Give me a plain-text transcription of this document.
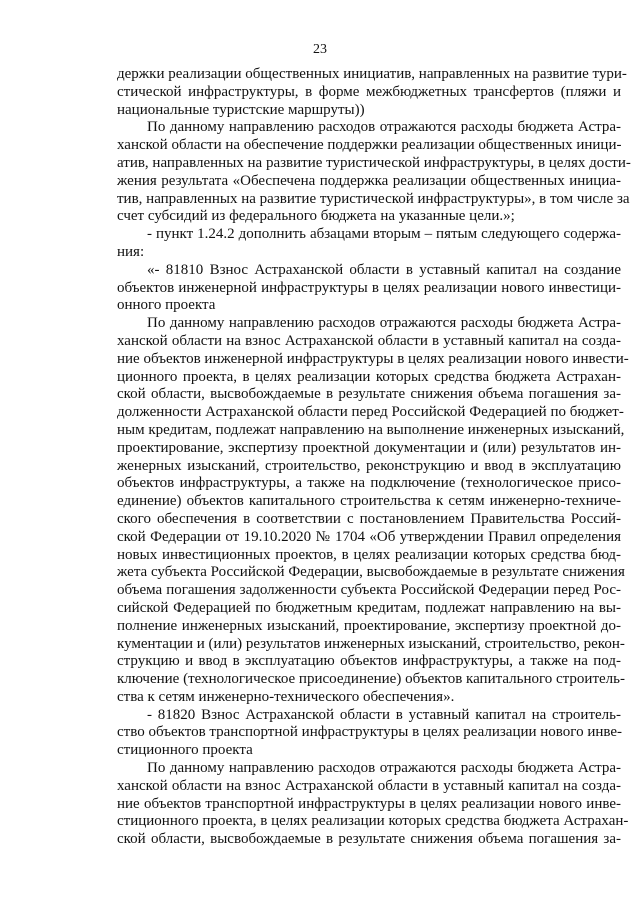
23
держки реализации общественных инициатив, направленных на развитие тури-
стической инфраструктуры, в форме межбюджетных трансфертов (пляжи и
национальные туристские маршруты))
По данному направлению расходов отражаются расходы бюджета Астра-
ханской области на обеспечение поддержки реализации общественных иници-
атив, направленных на развитие туристической инфраструктуры, в целях дости-
жения результата «Обеспечена поддержка реализации общественных инициа-
тив, направленных на развитие туристической инфраструктуры», в том числе за
счет субсидий из федерального бюджета на указанные цели.»;
- пункт 1.24.2 дополнить абзацами вторым – пятым следующего содержа-
ния:
«- 81810 Взнос Астраханской области в уставный капитал на создание
объектов инженерной инфраструктуры в целях реализации нового инвестици-
онного проекта
По данному направлению расходов отражаются расходы бюджета Астра-
ханской области на взнос Астраханской области в уставный капитал на созда-
ние объектов инженерной инфраструктуры в целях реализации нового инвести-
ционного проекта, в целях реализации которых средства бюджета Астрахан-
ской области, высвобождаемые в результате снижения объема погашения за-
долженности Астраханской области перед Российской Федерацией по бюджет-
ным кредитам, подлежат направлению на выполнение инженерных изысканий,
проектирование, экспертизу проектной документации и (или) результатов ин-
женерных изысканий, строительство, реконструкцию и ввод в эксплуатацию
объектов инфраструктуры, а также на подключение (технологическое присо-
единение) объектов капитального строительства к сетям инженерно-техниче-
ского обеспечения в соответствии с постановлением Правительства Россий-
ской Федерации от 19.10.2020 № 1704 «Об утверждении Правил определения
новых инвестиционных проектов, в целях реализации которых средства бюд-
жета субъекта Российской Федерации, высвобождаемые в результате снижения
объема погашения задолженности субъекта Российской Федерации перед Рос-
сийской Федерацией по бюджетным кредитам, подлежат направлению на вы-
полнение инженерных изысканий, проектирование, экспертизу проектной до-
кументации и (или) результатов инженерных изысканий, строительство, рекон-
струкцию и ввод в эксплуатацию объектов инфраструктуры, а также на под-
ключение (технологическое присоединение) объектов капитального строитель-
ства к сетям инженерно-технического обеспечения».
- 81820 Взнос Астраханской области в уставный капитал на строитель-
ство объектов транспортной инфраструктуры в целях реализации нового инве-
стиционного проекта
По данному направлению расходов отражаются расходы бюджета Астра-
ханской области на взнос Астраханской области в уставный капитал на созда-
ние объектов транспортной инфраструктуры в целях реализации нового инве-
стиционного проекта, в целях реализации которых средства бюджета Астрахан-
ской области, высвобождаемые в результате снижения объема погашения за-
